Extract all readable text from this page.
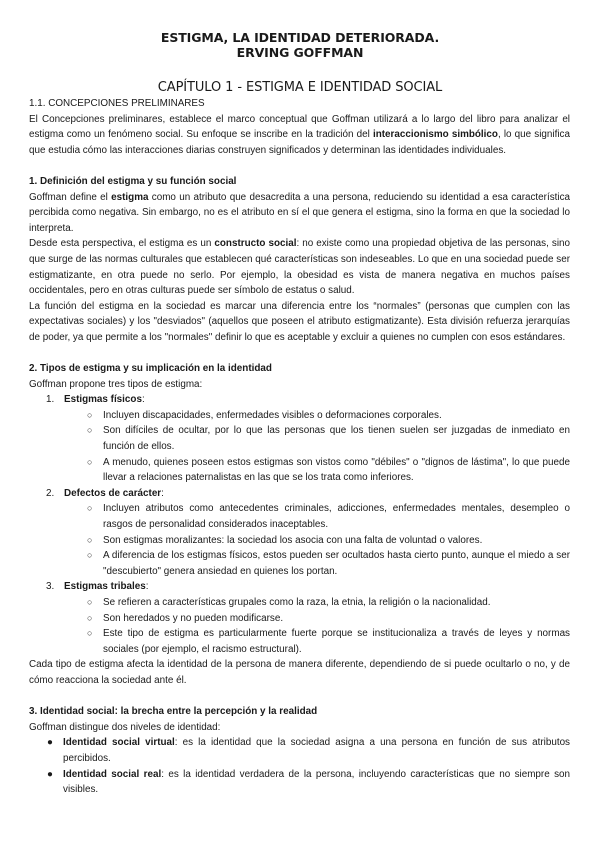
ESTIGMA, LA IDENTIDAD DETERIORADA.
ERVING GOFFMAN
CAPÍTULO 1 - ESTIGMA E IDENTIDAD SOCIAL

1.1. CONCEPCIONES PRELIMINARES

El Concepciones preliminares, establece el marco conceptual que Goffman utilizará a lo largo del libro para analizar el estigma como un fenómeno social. Su enfoque se inscribe en la tradición del interaccionismo simbólico, lo que significa que estudia cómo las interacciones diarias construyen significados y determinan las identidades individuales.

1. Definición del estigma y su función social

Goffman define el estigma como un atributo que desacredita a una persona, reduciendo su identidad a esa característica percibida como negativa. Sin embargo, no es el atributo en sí el que genera el estigma, sino la forma en que la sociedad lo interpreta.

Desde esta perspectiva, el estigma es un constructo social: no existe como una propiedad objetiva de las personas, sino que surge de las normas culturales que establecen qué características son indeseables. Lo que en una sociedad puede ser estigmatizante, en otra puede no serlo. Por ejemplo, la obesidad es vista de manera negativa en muchos países occidentales, pero en otras culturas puede ser símbolo de estatus o salud.

La función del estigma en la sociedad es marcar una diferencia entre los “normales” (personas que cumplen con las expectativas sociales) y los "desviados" (aquellos que poseen el atributo estigmatizante). Esta división refuerza jerarquías de poder, ya que permite a los "normales" definir lo que es aceptable y excluir a quienes no cumplen con esos estándares.

2. Tipos de estigma y su implicación en la identidad

Goffman propone tres tipos de estigma:

1. Estigmas físicos:

○ Incluyen discapacidades, enfermedades visibles o deformaciones corporales.
○ Son difíciles de ocultar, por lo que las personas que los tienen suelen ser juzgadas de inmediato en función de ellos.
○ A menudo, quienes poseen estos estigmas son vistos como "débiles" o "dignos de lástima", lo que puede llevar a relaciones paternalistas en las que se los trata como inferiores.

2. Defectos de carácter:

○ Incluyen atributos como antecedentes criminales, adicciones, enfermedades mentales, desempleo o rasgos de personalidad considerados inaceptables.
○ Son estigmas moralizantes: la sociedad los asocia con una falta de voluntad o valores.
○ A diferencia de los estigmas físicos, estos pueden ser ocultados hasta cierto punto, aunque el miedo a ser "descubierto" genera ansiedad en quienes los portan.

3. Estigmas tribales:

○ Se refieren a características grupales como la raza, la etnia, la religión o la nacionalidad.
○ Son heredados y no pueden modificarse.
○ Este tipo de estigma es particularmente fuerte porque se institucionaliza a través de leyes y normas sociales (por ejemplo, el racismo estructural).

Cada tipo de estigma afecta la identidad de la persona de manera diferente, dependiendo de si puede ocultarlo o no, y de cómo reacciona la sociedad ante él.

3. Identidad social: la brecha entre la percepción y la realidad

Goffman distingue dos niveles de identidad:

● Identidad social virtual: es la identidad que la sociedad asigna a una persona en función de sus atributos percibidos.

● Identidad social real: es la identidad verdadera de la persona, incluyendo características que no siempre son visibles.
